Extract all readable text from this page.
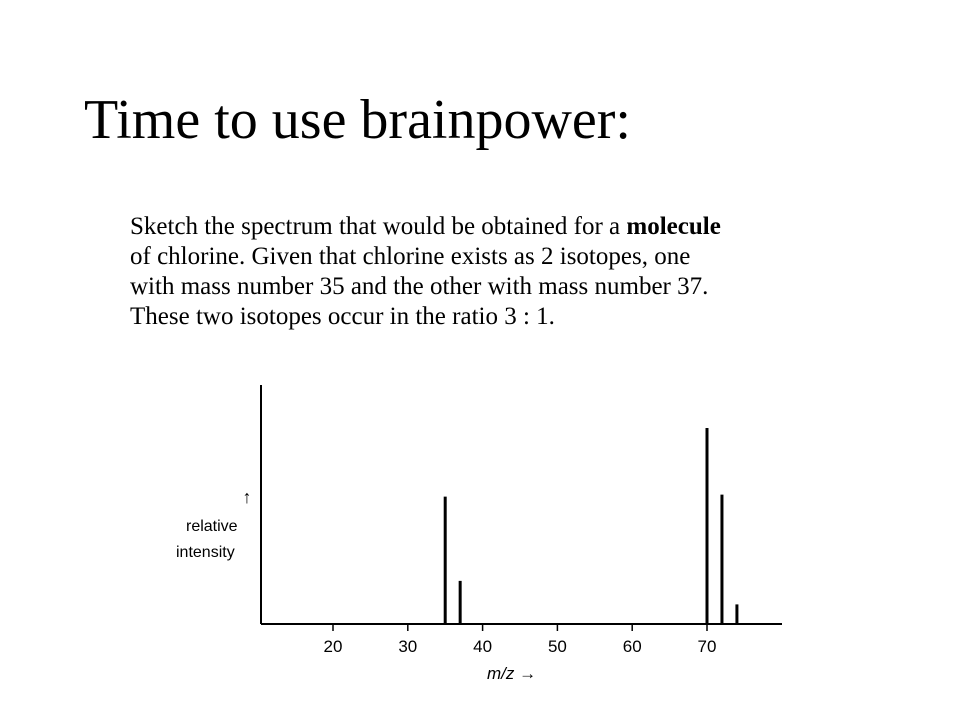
Time to use brainpower:

Sketch the spectrum that would be obtained for a molecule

of chlorine. Given that chlorine exists as 2 isotopes, one

with mass number 35 and the other with mass number 37.

These two isotopes occur in the ratio 3 : 1.

20	30	40	50	60	70
↑
relative
intensity
m/z →
